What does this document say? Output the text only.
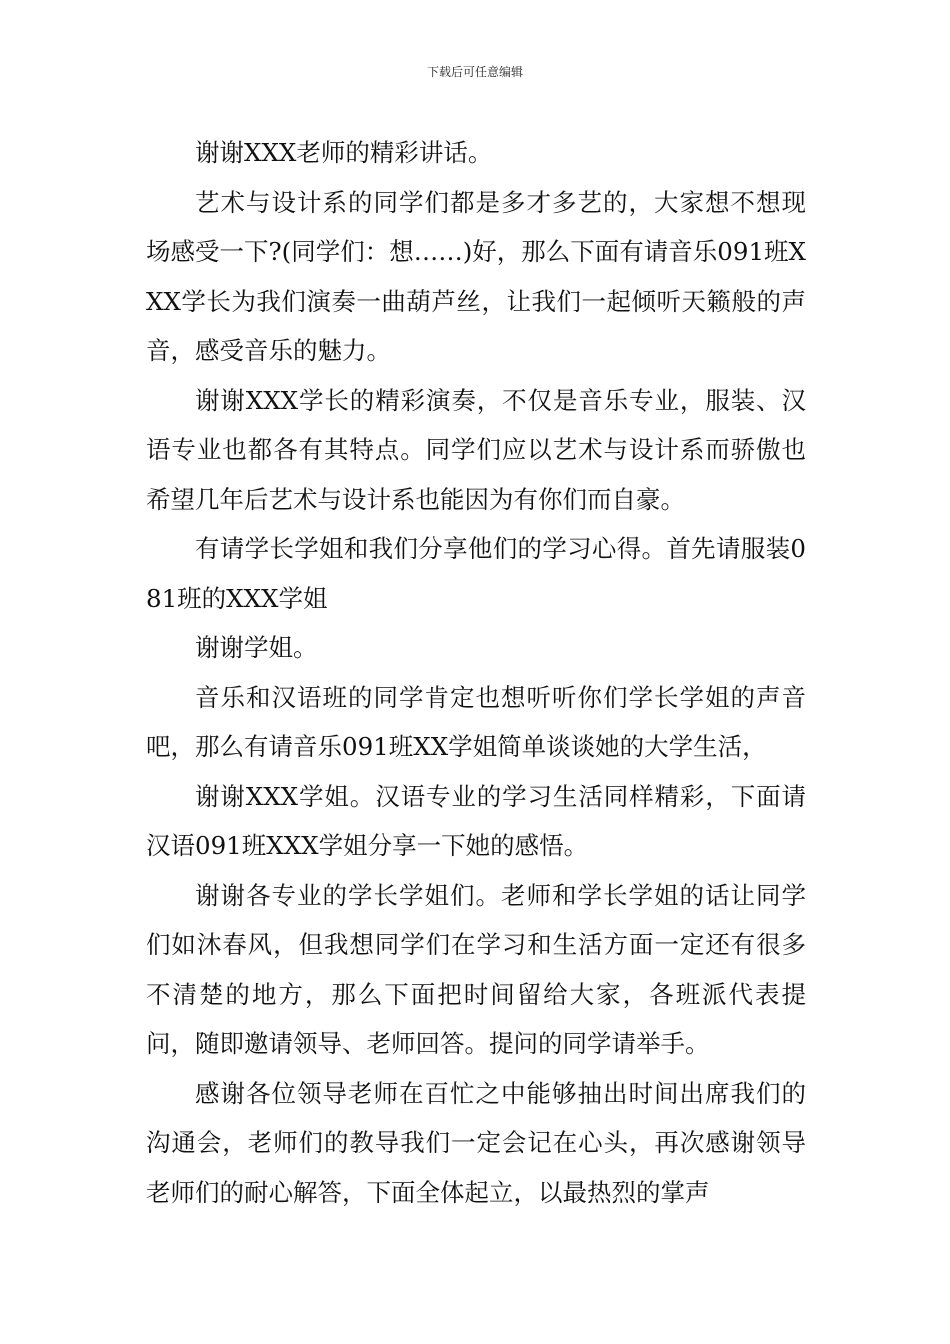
下载后可任意编辑

谢谢XXX老师的精彩讲话。

艺术与设计系的同学们都是多才多艺的，大家想不想现场感受一下?(同学们：想……)好，那么下面有请音乐091班XXX学长为我们演奏一曲葫芦丝，让我们一起倾听天籁般的声音，感受音乐的魅力。

谢谢XXX学长的精彩演奏，不仅是音乐专业，服装、汉语专业也都各有其特点。同学们应以艺术与设计系而骄傲也希望几年后艺术与设计系也能因为有你们而自豪。

有请学长学姐和我们分享他们的学习心得。首先请服装081班的XXX学姐

谢谢学姐。

音乐和汉语班的同学肯定也想听听你们学长学姐的声音吧，那么有请音乐091班XX学姐简单谈谈她的大学生活，

谢谢XXX学姐。汉语专业的学习生活同样精彩，下面请汉语091班XXX学姐分享一下她的感悟。

谢谢各专业的学长学姐们。老师和学长学姐的话让同学们如沐春风，但我想同学们在学习和生活方面一定还有很多不清楚的地方，那么下面把时间留给大家，各班派代表提问，随即邀请领导、老师回答。提问的同学请举手。

感谢各位领导老师在百忙之中能够抽出时间出席我们的沟通会，老师们的教导我们一定会记在心头，再次感谢领导老师们的耐心解答，下面全体起立，以最热烈的掌声
